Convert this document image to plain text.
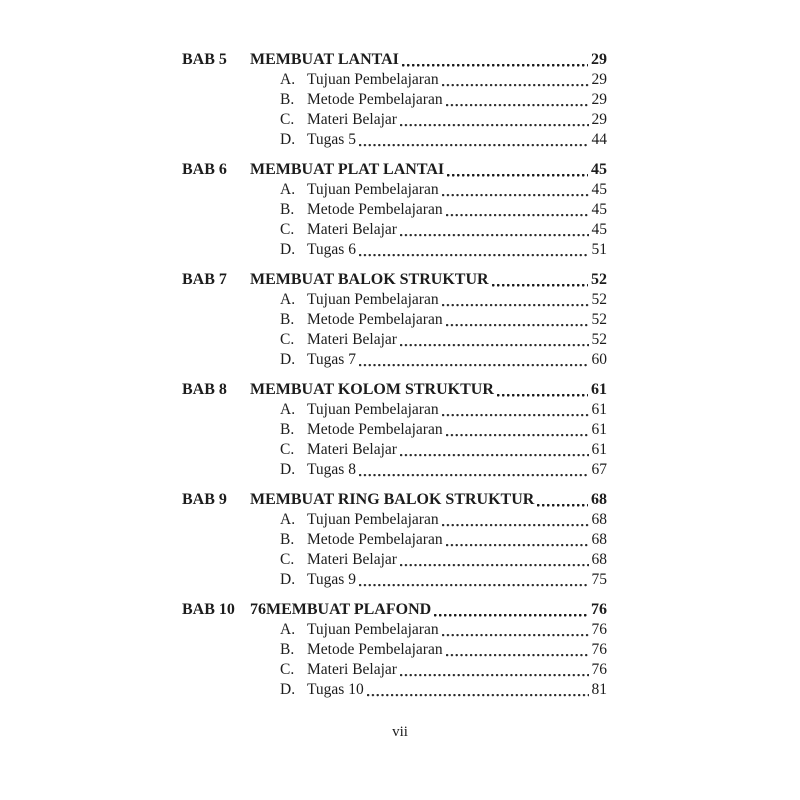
BAB 5	MEMBUAT LANTAI	29
A. Tujuan Pembelajaran	29
B. Metode Pembelajaran	29
C. Materi Belajar	29
D. Tugas 5	44
BAB 6	MEMBUAT PLAT LANTAI	45
A. Tujuan Pembelajaran	45
B. Metode Pembelajaran	45
C. Materi Belajar	45
D. Tugas 6	51
BAB 7	MEMBUAT BALOK STRUKTUR	52
A. Tujuan Pembelajaran	52
B. Metode Pembelajaran	52
C. Materi Belajar	52
D. Tugas 7	60
BAB 8	MEMBUAT KOLOM STRUKTUR	61
A. Tujuan Pembelajaran	61
B. Metode Pembelajaran	61
C. Materi Belajar	61
D. Tugas 8	67
BAB 9	MEMBUAT RING BALOK STRUKTUR	68
A. Tujuan Pembelajaran	68
B. Metode Pembelajaran	68
C. Materi Belajar	68
D. Tugas 9	75
BAB 10 76MEMBUAT PLAFOND	76
A. Tujuan Pembelajaran	76
B. Metode Pembelajaran	76
C. Materi Belajar	76
D. Tugas 10	81
vii
